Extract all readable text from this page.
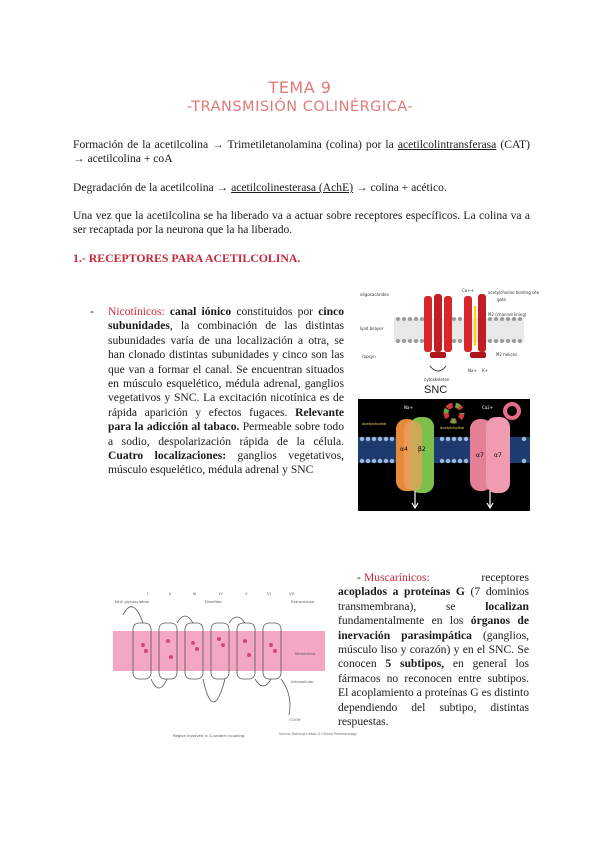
TEMA 9
-TRANSMISIÓN COLINÉRGICA-
Formación de la acetilcolina → Trimetiletanolamina (colina) por la acetilcolintransferasa (CAT) → acetilcolina + coA
Degradación de la acetilcolina → acetilcolinesterasa (AchE) → colina + acético.
Una vez que la acetilcolina se ha liberado va a actuar sobre receptores específicos. La colina va a ser recaptada por la neurona que la ha liberado.
1.- RECEPTORES PARA ACETILCOLINA.
- Nicotínicos: canal iónico constituidos por cinco subunidades, la combinación de las distintas subunidades varía de una localización a otra, se han clonado distintas subunidades y cinco son las que van a formar el canal. Se encuentran situados en músculo esquelético, médula adrenal, ganglios vegetativos y SNC. La excitación nicotínica es de rápida aparición y efectos fugaces. Relevante para la adicción al tabaco. Permeable sobre todo a sodio, despolarización rápida de la célula. Cuatro localizaciones: ganglios vegetativos, músculo esquelético, médula adrenal y SNC
oligosacáridos	acetylcholine binding site
Ca++
gate
lipid bilayer
M2 (channel lining)
M2 helices
rapsyn
cytoskeleton
Na+ K+
SNC
α4 β2
α7 α7
Acetylcholine
Acetylcholine
Na+	Ca2+
I	II	III	IV	V	VI	VII
NH2 glycosylation	Disulfide	Extracellular
Membrane
Intracellular
COOH
Region involved in G-protein coupling	Source: Katzung's Basic & Clinical Pharmacology
- Muscarínicos: receptores acoplados a proteínas G (7 dominios transmembrana), se localizan fundamentalmente en los órganos de inervación parasimpática (ganglios, músculo liso y corazón) y en el SNC. Se conocen 5 subtipos, en general los fármacos no reconocen entre subtipos. El acoplamiento a proteínas G es distinto dependiendo del subtipo, distintas respuestas.
